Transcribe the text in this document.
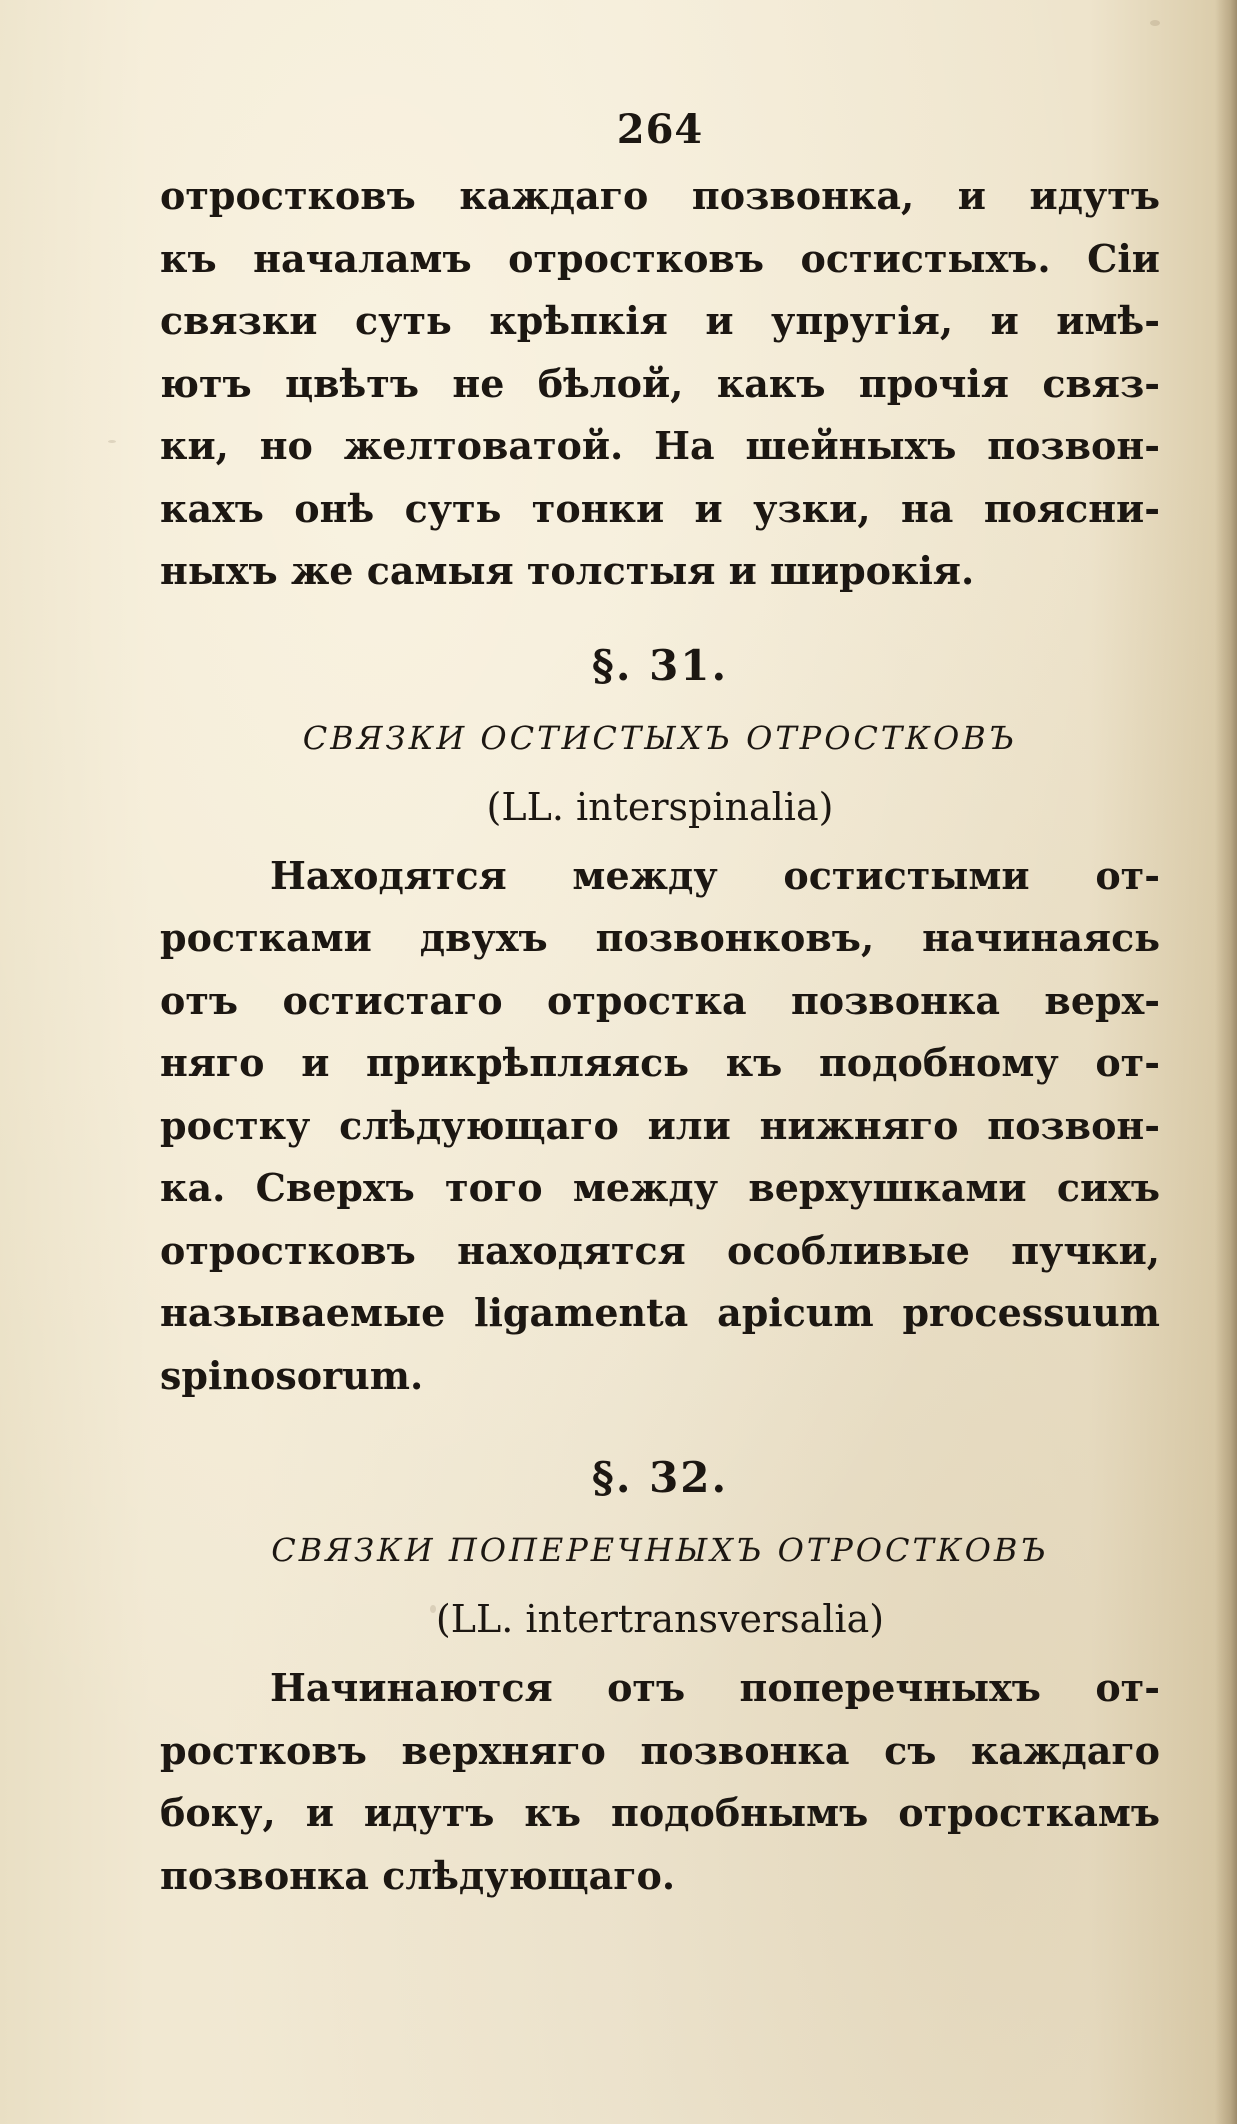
264
отростковъ каждаго позвонка, и идутъ
къ началамъ отростковъ остистыхъ. Сіи
связки суть крѣпкія и упругія, и имѣ-
ютъ цвѣтъ не бѣлой, какъ прочія связ-
ки, но желтоватой. На шейныхъ позвон-
кахъ онѣ суть тонки и узки, на поясни-
ныхъ же самыя толстыя и широкія.
§. 31.
СВЯЗКИ ОСТИСТЫХЪ ОТРОСТКОВЪ
(LL. interspinalia)
Находятся между остистыми от-
ростками двухъ позвонковъ, начинаясь
отъ остистаго отростка позвонка верх-
няго и прикрѣпляясь къ подобному от-
ростку слѣдующаго или нижняго позвон-
ка. Сверхъ того между верхушками сихъ
отростковъ находятся особливые пучки,
называемые ligamenta apicum processuum
spinosorum.
§. 32.
СВЯЗКИ ПОПЕРЕЧНЫХЪ ОТРОСТКОВЪ
(LL. intertransversalia)
Начинаются отъ поперечныхъ от-
ростковъ верхняго позвонка съ каждаго
боку, и идутъ къ подобнымъ отросткамъ
позвонка слѣдующаго.
